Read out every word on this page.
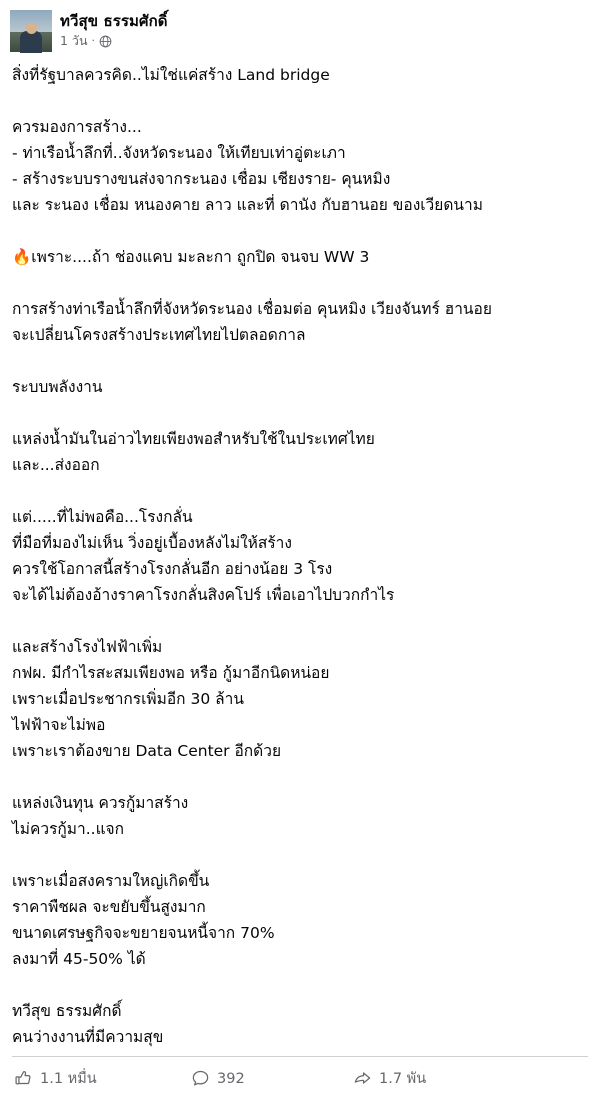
ทวีสุข ธรรมศักดิ์
1 วัน ·
สิ่งที่รัฐบาลควรคิด..ไม่ใช่แค่สร้าง Land bridge
ควรมองการสร้าง...
- ท่าเรือน้ำลึกที่..จังหวัดระนอง ให้เทียบเท่าอู่ตะเภา
- สร้างระบบรางขนส่งจากระนอง เชื่อม เชียงราย- คุนหมิง
และ ระนอง เชื่อม หนองคาย ลาว และที่ ดานัง กับฮานอย ของเวียดนาม
🔥เพราะ....ถ้า ช่องแคบ มะละกา ถูกปิด จนจบ WW 3
การสร้างท่าเรือน้ำลึกที่จังหวัดระนอง เชื่อมต่อ คุนหมิง เวียงจันทร์ ฮานอย
จะเปลี่ยนโครงสร้างประเทศไทยไปตลอดกาล
ระบบพลังงาน
แหล่งน้ำมันในอ่าวไทยเพียงพอสำหรับใช้ในประเทศไทย
และ...ส่งออก
แต่.....ที่ไม่พอคือ...โรงกลั่น
ที่มือที่มองไม่เห็น วิ่งอยู่เบื้องหลังไม่ให้สร้าง
ควรใช้โอกาสนี้สร้างโรงกลั่นอีก อย่างน้อย 3 โรง
จะได้ไม่ต้องอ้างราคาโรงกลั่นสิงคโปร์ เพื่อเอาไปบวกกำไร
และสร้างโรงไฟฟ้าเพิ่ม
กฟผ. มีกำไรสะสมเพียงพอ หรือ กู้มาอีกนิดหน่อย
เพราะเมื่อประชากรเพิ่มอีก 30 ล้าน
ไฟฟ้าจะไม่พอ
เพราะเราต้องขาย Data Center อีกด้วย
แหล่งเงินทุน ควรกู้มาสร้าง
ไม่ควรกู้มา..แจก
เพราะเมื่อสงครามใหญ่เกิดขึ้น
ราคาพืชผล จะขยับขึ้นสูงมาก
ขนาดเศรษฐกิจจะขยายจนหนี้จาก 70%
ลงมาที่ 45-50% ได้
ทวีสุข ธรรมศักดิ์
คนว่างงานที่มีความสุข
1.1 หมื่น	392	1.7 พัน
